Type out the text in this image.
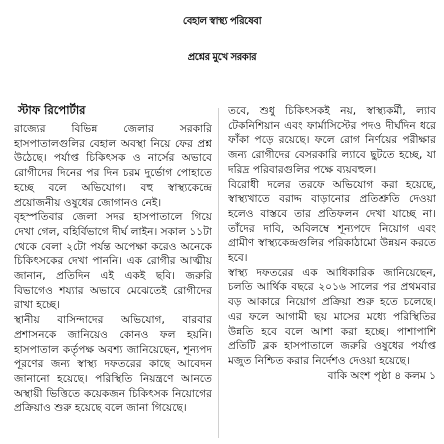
বেহাল স্বাস্থ্য পরিষেবা
প্রশ্নের মুখে সরকার
স্টাফ রিপোর্টার

রাজ্যের বিভিন্ন জেলার সরকারি হাসপাতালগুলির বেহাল অবস্থা নিয়ে ফের প্রশ্ন উঠেছে। পর্যাপ্ত চিকিৎসক ও নার্সের অভাবে রোগীদের দিনের পর দিন চরম দুর্ভোগ পোহাতে হচ্ছে বলে অভিযোগ। বহু স্বাস্থ্যকেন্দ্রে প্রয়োজনীয় ওষুধের জোগানও নেই।

বৃহস্পতিবার জেলা সদর হাসপাতালে গিয়ে দেখা গেল, বহির্বিভাগে দীর্ঘ লাইন। সকাল ১১টা থেকে বেলা ২টো পর্যন্ত অপেক্ষা করেও অনেকে চিকিৎসকের দেখা পাননি। এক রোগীর আত্মীয় জানান, প্রতিদিন এই একই ছবি। জরুরি বিভাগেও শয্যার অভাবে মেঝেতেই রোগীদের রাখা হচ্ছে।

স্থানীয় বাসিন্দাদের অভিযোগ, বারবার প্রশাসনকে জানিয়েও কোনও ফল হয়নি। হাসপাতাল কর্তৃপক্ষ অবশ্য জানিয়েছেন, শূন্যপদ পূরণের জন্য স্বাস্থ্য দফতরের কাছে আবেদন জানানো হয়েছে। পরিস্থিতি নিয়ন্ত্রণে আনতে অস্থায়ী ভিত্তিতে কয়েকজন চিকিৎসক নিয়োগের প্রক্রিয়াও শুরু হয়েছে বলে জানা গিয়েছে।

তবে, শুধু চিকিৎসকই নয়, স্বাস্থ্যকর্মী, ল্যাব টেকনিশিয়ান এবং ফার্মাসিস্টের পদও দীর্ঘদিন ধরে ফাঁকা পড়ে রয়েছে। ফলে রোগ নির্ণয়ের পরীক্ষার জন্য রোগীদের বেসরকারি ল্যাবে ছুটতে হচ্ছে, যা দরিদ্র পরিবারগুলির পক্ষে ব্যয়বহুল।

বিরোধী দলের তরফে অভিযোগ করা হয়েছে, স্বাস্থ্যখাতে বরাদ্দ বাড়ানোর প্রতিশ্রুতি দেওয়া হলেও বাস্তবে তার প্রতিফলন দেখা যাচ্ছে না। তাঁদের দাবি, অবিলম্বে শূন্যপদে নিয়োগ এবং গ্রামীণ স্বাস্থ্যকেন্দ্রগুলির পরিকাঠামো উন্নয়ন করতে হবে।

স্বাস্থ্য দফতরের এক আধিকারিক জানিয়েছেন, চলতি আর্থিক বছরে ২০১৬ সালের পর প্রথমবার বড় আকারে নিয়োগ প্রক্রিয়া শুরু হতে চলেছে। এর ফলে আগামী ছয় মাসের মধ্যে পরিস্থিতির উন্নতি হবে বলে আশা করা হচ্ছে। পাশাপাশি প্রতিটি ব্লক হাসপাতালে জরুরি ওষুধের পর্যাপ্ত মজুত নিশ্চিত করার নির্দেশও দেওয়া হয়েছে।

বাকি অংশ পৃষ্ঠা ৪ কলম ১
